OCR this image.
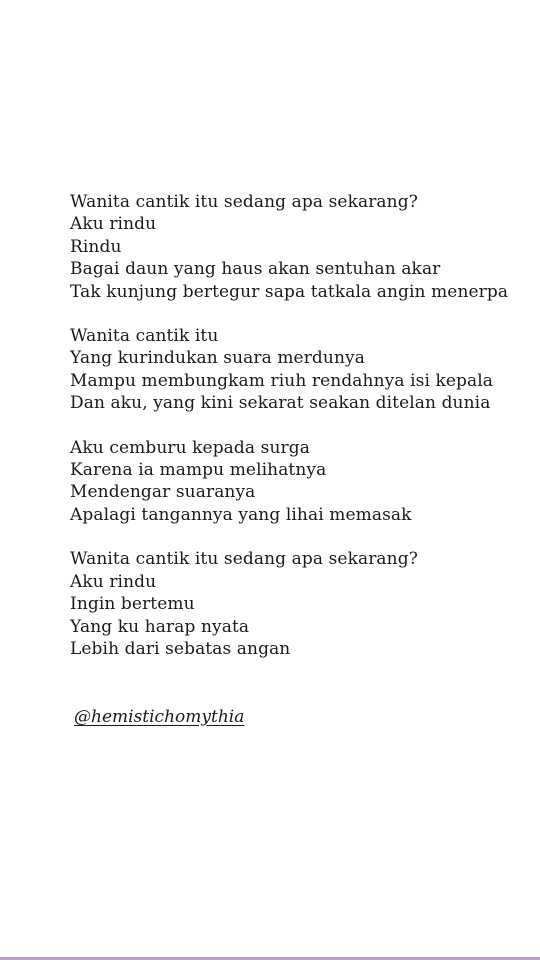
Wanita cantik itu sedang apa sekarang?
Aku rindu
Rindu
Bagai daun yang haus akan sentuhan akar
Tak kunjung bertegur sapa tatkala angin menerpa
Wanita cantik itu
Yang kurindukan suara merdunya
Mampu membungkam riuh rendahnya isi kepala
Dan aku, yang kini sekarat seakan ditelan dunia
Aku cemburu kepada surga
Karena ia mampu melihatnya
Mendengar suaranya
Apalagi tangannya yang lihai memasak
Wanita cantik itu sedang apa sekarang?
Aku rindu
Ingin bertemu
Yang ku harap nyata
Lebih dari sebatas angan
@hemistichomythia
